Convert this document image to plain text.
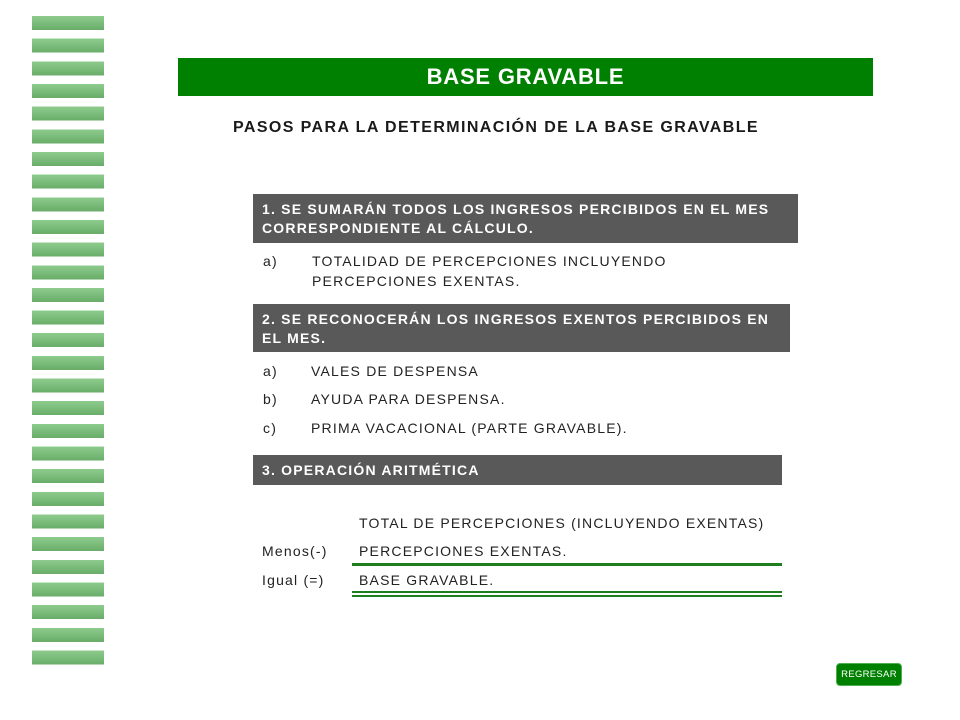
BASE GRAVABLE
PASOS PARA LA DETERMINACIÓN DE LA BASE GRAVABLE
1. SE SUMARÁN TODOS LOS INGRESOS PERCIBIDOS EN EL MES CORRESPONDIENTE AL CÁLCULO.
a) TOTALIDAD DE PERCEPCIONES INCLUYENDO PERCEPCIONES EXENTAS.
2. SE RECONOCERÁN LOS INGRESOS EXENTOS PERCIBIDOS EN EL MES.
a) VALES DE DESPENSA
b) AYUDA PARA DESPENSA.
c) PRIMA VACACIONAL (PARTE GRAVABLE).
3. OPERACIÓN ARITMÉTICA
TOTAL DE PERCEPCIONES (INCLUYENDO EXENTAS)
Menos(-) PERCEPCIONES EXENTAS.
Igual (=) BASE GRAVABLE.
REGRESAR
